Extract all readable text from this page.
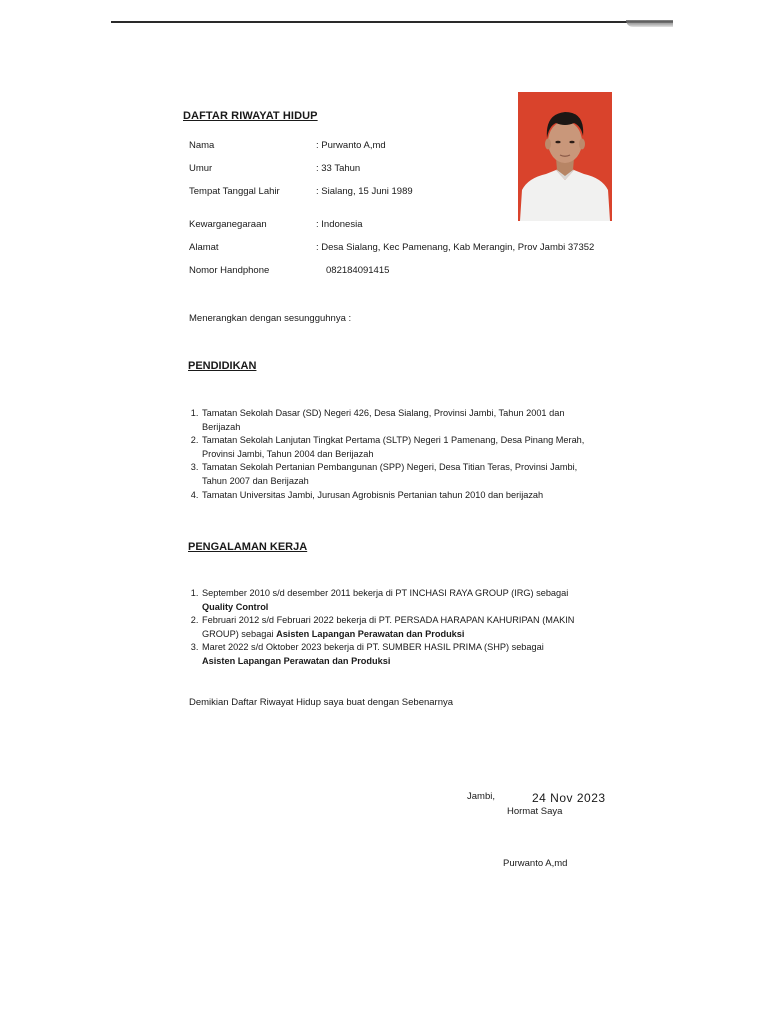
DAFTAR RIWAYAT HIDUP
Nama	: Purwanto A,md
Umur	: 33 Tahun
Tempat Tanggal Lahir	: Sialang, 15 Juni 1989
Kewarganegaraan	: Indonesia
Alamat	: Desa Sialang, Kec Pamenang, Kab Merangin, Prov Jambi 37352
Nomor Handphone	082184091415
Menerangkan dengan sesungguhnya :
PENDIDIKAN
1. Tamatan Sekolah Dasar (SD) Negeri 426, Desa Sialang, Provinsi Jambi, Tahun 2001 dan Berijazah
2. Tamatan Sekolah Lanjutan Tingkat Pertama (SLTP) Negeri 1 Pamenang, Desa Pinang Merah, Provinsi Jambi, Tahun 2004 dan Berijazah
3. Tamatan Sekolah Pertanian Pembangunan (SPP) Negeri, Desa Titian Teras, Provinsi Jambi, Tahun 2007 dan Berijazah
4. Tamatan Universitas Jambi, Jurusan Agrobisnis Pertanian tahun 2010 dan berijazah
PENGALAMAN KERJA
1. September 2010 s/d desember 2011 bekerja di PT INCHASI RAYA GROUP (IRG) sebagai
Quality Control
2. Februari 2012 s/d Februari 2022 bekerja di PT. PERSADA HARAPAN KAHURIPAN (MAKIN GROUP) sebagai Asisten Lapangan Perawatan dan Produksi
3. Maret 2022 s/d Oktober 2023 bekerja di PT. SUMBER HASIL PRIMA (SHP) sebagai
Asisten Lapangan Perawatan dan Produksi
Demikian Daftar Riwayat Hidup saya buat dengan Sebenarnya
Jambi,	24 Nov 2023
Hormat Saya
Purwanto A,md
